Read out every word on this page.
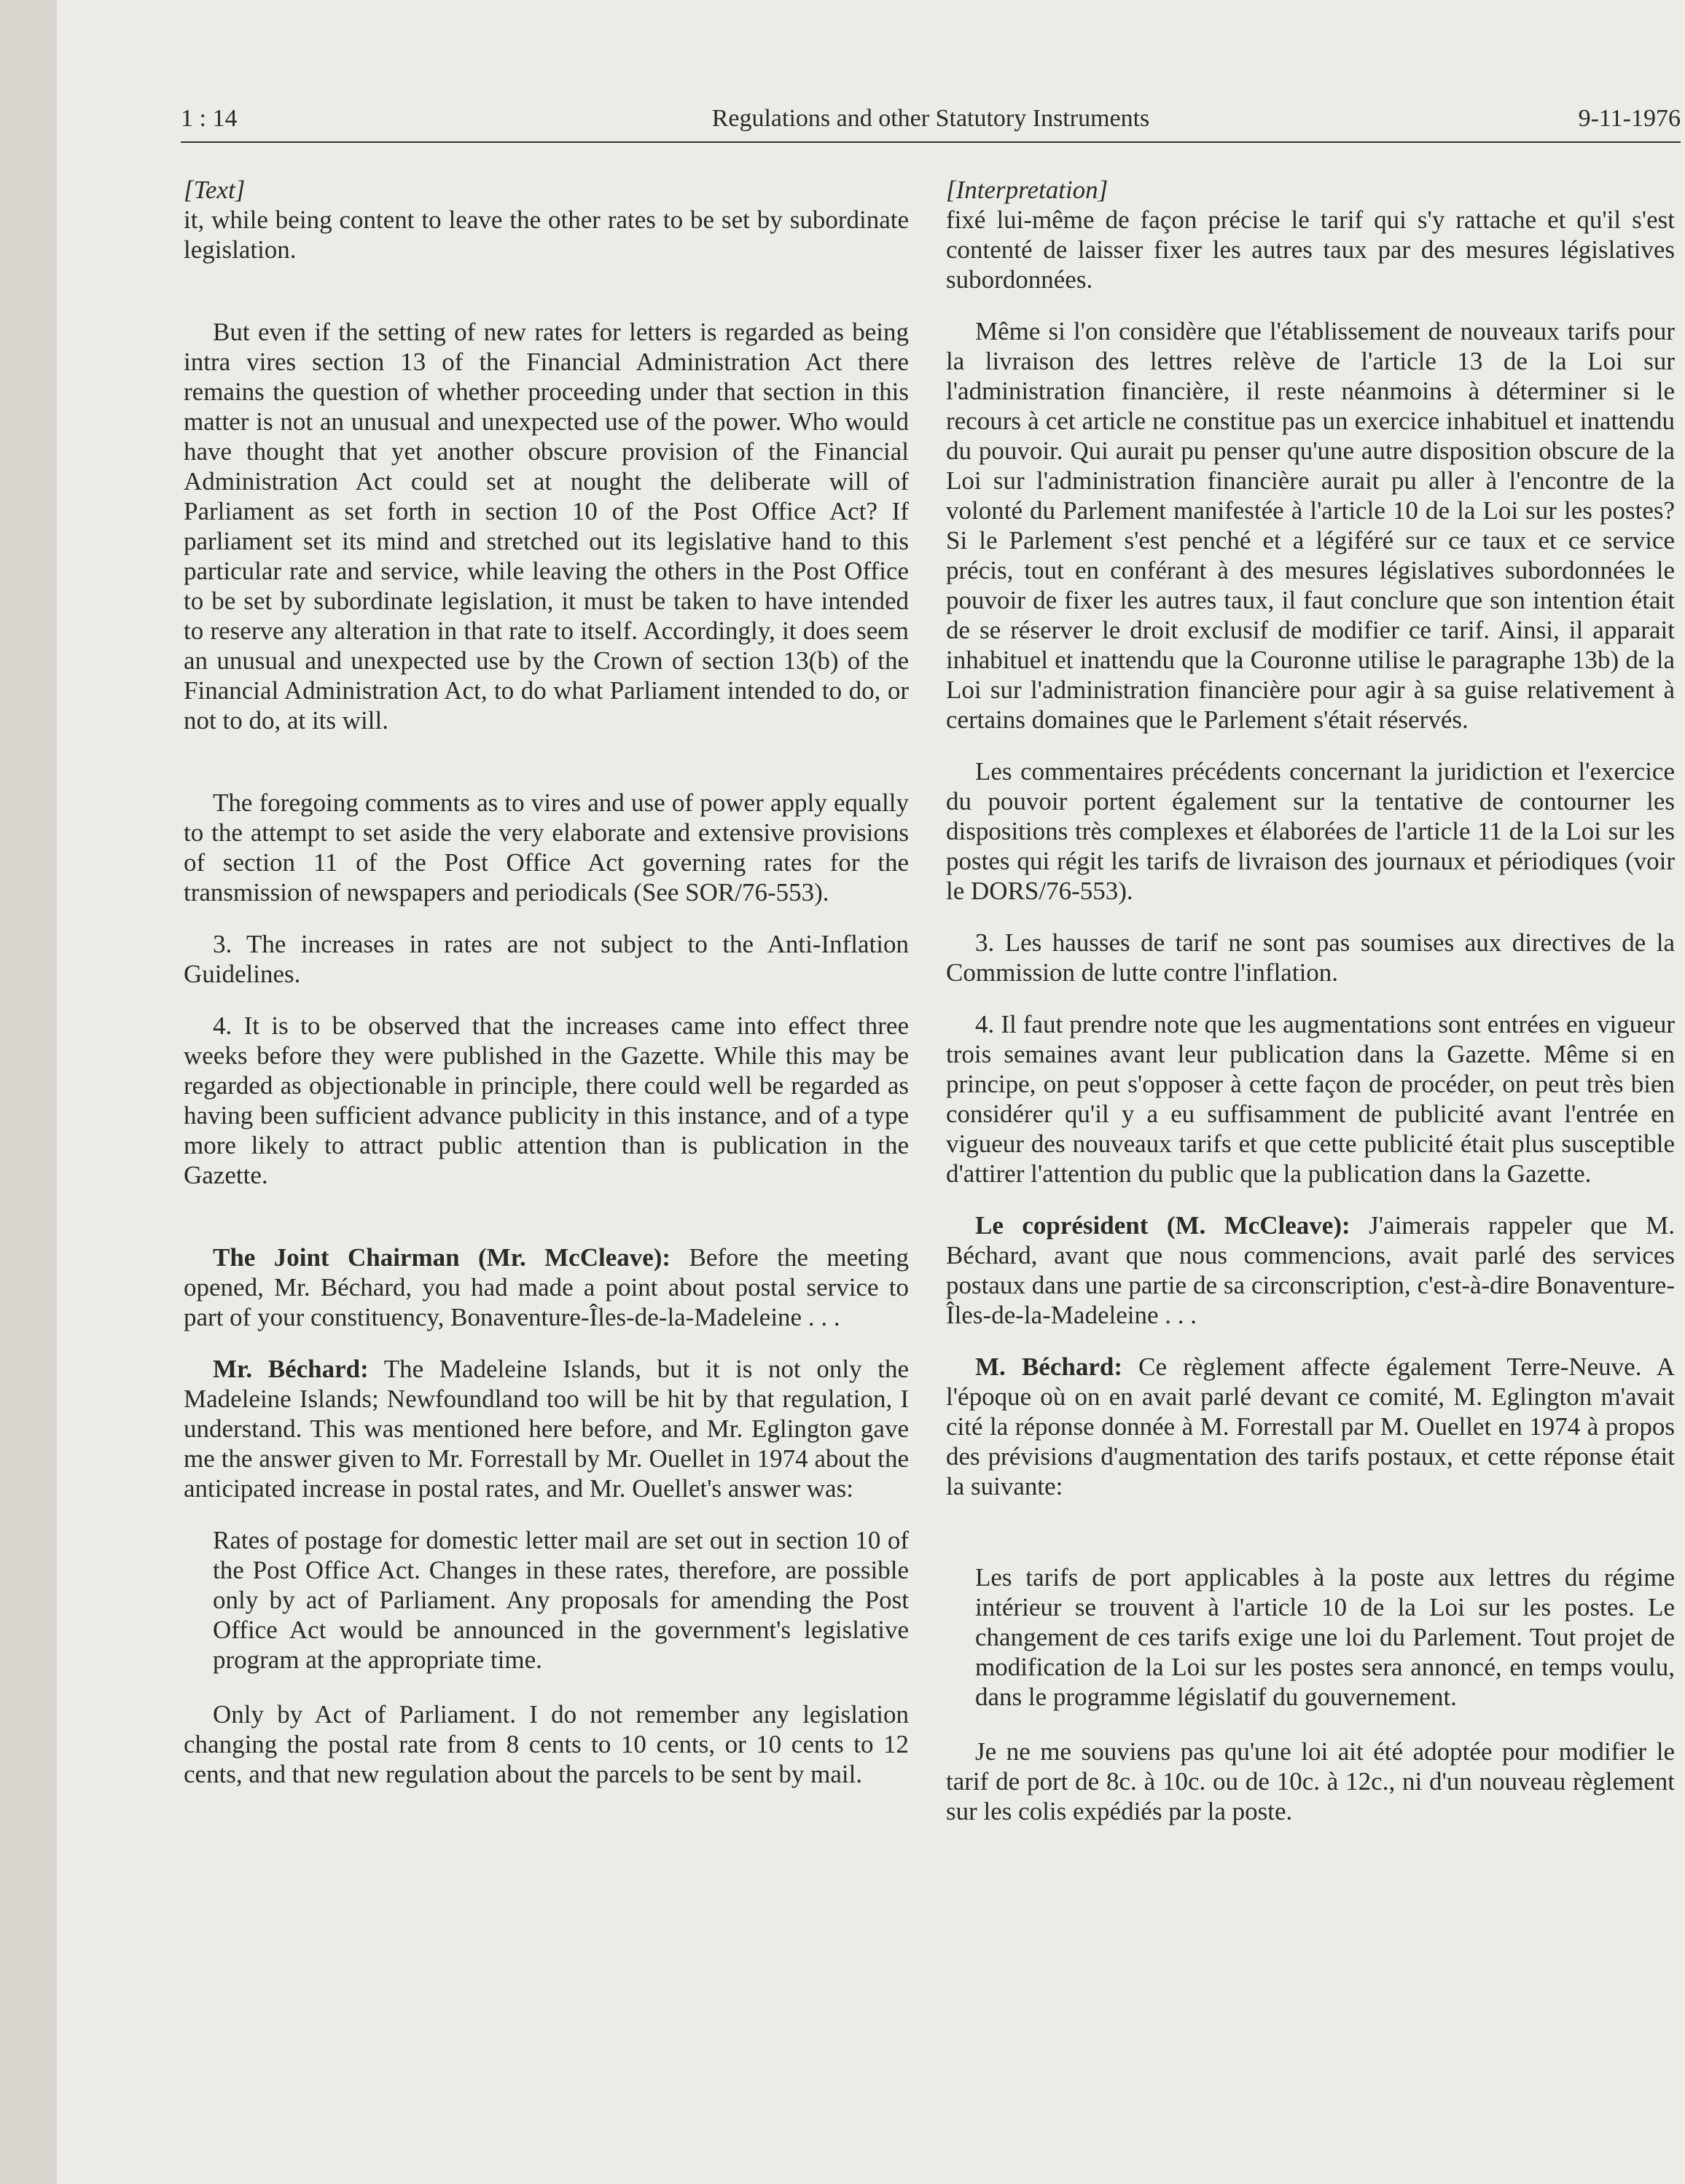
1 : 14	Regulations and other Statutory Instruments	9-11-1976

[Text]

it, while being content to leave the other rates to be set by subordinate legislation.

But even if the setting of new rates for letters is regarded as being intra vires section 13 of the Financial Administration Act there remains the question of whether proceeding under that section in this matter is not an unusual and unexpected use of the power. Who would have thought that yet another obscure provision of the Financial Administration Act could set at nought the deliberate will of Parliament as set forth in section 10 of the Post Office Act? If parliament set its mind and stretched out its legislative hand to this particular rate and service, while leaving the others in the Post Office to be set by subordinate legislation, it must be taken to have intended to reserve any alteration in that rate to itself. Accordingly, it does seem an unusual and unexpected use by the Crown of section 13(b) of the Financial Administration Act, to do what Parliament intended to do, or not to do, at its will.

The foregoing comments as to vires and use of power apply equally to the attempt to set aside the very elaborate and extensive provisions of section 11 of the Post Office Act governing rates for the transmission of newspapers and periodicals (See SOR/76-553).

3. The increases in rates are not subject to the Anti-Inflation Guidelines.

4. It is to be observed that the increases came into effect three weeks before they were published in the Gazette. While this may be regarded as objectionable in principle, there could well be regarded as having been sufficient advance publicity in this instance, and of a type more likely to attract public attention than is publication in the Gazette.

The Joint Chairman (Mr. McCleave): Before the meeting opened, Mr. Béchard, you had made a point about postal service to part of your constituency, Bonaventure-Îles-de-la-Madeleine . . .

Mr. Béchard: The Madeleine Islands, but it is not only the Madeleine Islands; Newfoundland too will be hit by that regulation, I understand. This was mentioned here before, and Mr. Eglington gave me the answer given to Mr. Forrestall by Mr. Ouellet in 1974 about the anticipated increase in postal rates, and Mr. Ouellet's answer was:

Rates of postage for domestic letter mail are set out in section 10 of the Post Office Act. Changes in these rates, therefore, are possible only by act of Parliament. Any proposals for amending the Post Office Act would be announced in the government's legislative program at the appropriate time.

Only by Act of Parliament. I do not remember any legislation changing the postal rate from 8 cents to 10 cents, or 10 cents to 12 cents, and that new regulation about the parcels to be sent by mail.

[Interpretation]

fixé lui-même de façon précise le tarif qui s'y rattache et qu'il s'est contenté de laisser fixer les autres taux par des mesures législatives subordonnées.

Même si l'on considère que l'établissement de nouveaux tarifs pour la livraison des lettres relève de l'article 13 de la Loi sur l'administration financière, il reste néanmoins à déterminer si le recours à cet article ne constitue pas un exercice inhabituel et inattendu du pouvoir. Qui aurait pu penser qu'une autre disposition obscure de la Loi sur l'administration financière aurait pu aller à l'encontre de la volonté du Parlement manifestée à l'article 10 de la Loi sur les postes? Si le Parlement s'est penché et a légiféré sur ce taux et ce service précis, tout en conférant à des mesures législatives subordonnées le pouvoir de fixer les autres taux, il faut conclure que son intention était de se réserver le droit exclusif de modifier ce tarif. Ainsi, il apparait inhabituel et inattendu que la Couronne utilise le paragraphe 13b) de la Loi sur l'administration financière pour agir à sa guise relativement à certains domaines que le Parlement s'était réservés.

Les commentaires précédents concernant la juridiction et l'exercice du pouvoir portent également sur la tentative de contourner les dispositions très complexes et élaborées de l'article 11 de la Loi sur les postes qui régit les tarifs de livraison des journaux et périodiques (voir le DORS/76-553).

3. Les hausses de tarif ne sont pas soumises aux directives de la Commission de lutte contre l'inflation.

4. Il faut prendre note que les augmentations sont entrées en vigueur trois semaines avant leur publication dans la Gazette. Même si en principe, on peut s'opposer à cette façon de procéder, on peut très bien considérer qu'il y a eu suffisamment de publicité avant l'entrée en vigueur des nouveaux tarifs et que cette publicité était plus susceptible d'attirer l'attention du public que la publication dans la Gazette.

Le coprésident (M. McCleave): J'aimerais rappeler que M. Béchard, avant que nous commencions, avait parlé des services postaux dans une partie de sa circonscription, c'est-à-dire Bonaventure-Îles-de-la-Madeleine . . .

M. Béchard: Ce règlement affecte également Terre-Neuve. A l'époque où on en avait parlé devant ce comité, M. Eglington m'avait cité la réponse donnée à M. Forrestall par M. Ouellet en 1974 à propos des prévisions d'augmentation des tarifs postaux, et cette réponse était la suivante:

Les tarifs de port applicables à la poste aux lettres du régime intérieur se trouvent à l'article 10 de la Loi sur les postes. Le changement de ces tarifs exige une loi du Parlement. Tout projet de modification de la Loi sur les postes sera annoncé, en temps voulu, dans le programme législatif du gouvernement.

Je ne me souviens pas qu'une loi ait été adoptée pour modifier le tarif de port de 8c. à 10c. ou de 10c. à 12c., ni d'un nouveau règlement sur les colis expédiés par la poste.
